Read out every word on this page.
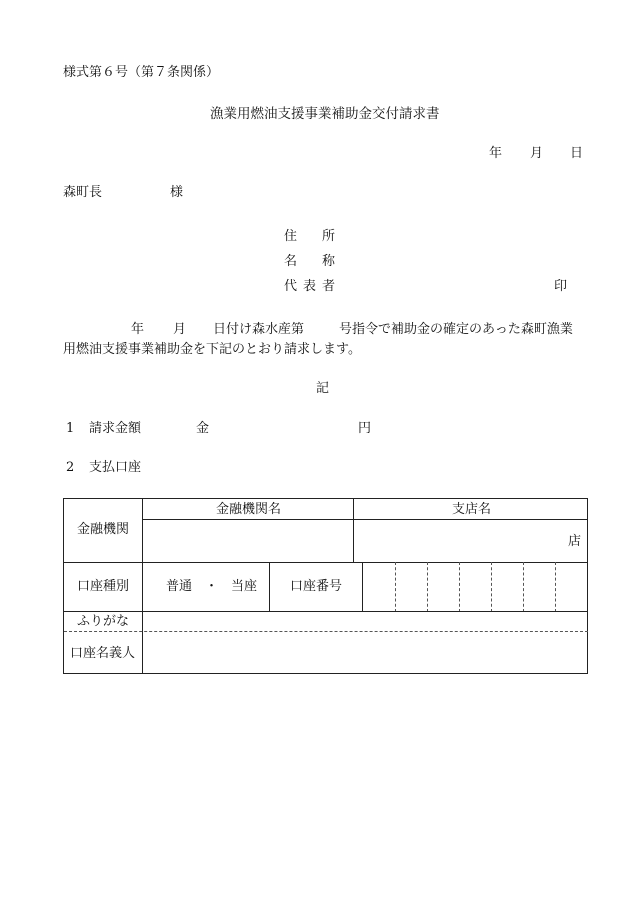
様式第６号（第７条関係）
漁業用燃油支援事業補助金交付請求書
年 月 日
森町長	様
住 所
名 称
代 表 者	印
年 月 日付け森水産第	号指令で補助金の確定のあった森町漁業
用燃油支援事業補助金を下記のとおり請求します。
記
1 請求金額	金	円
2 支払口座
金融機関
金融機関名	支店名
店
口座種別	普通　・　当座	口座番号
ふりがな
口座名義人
